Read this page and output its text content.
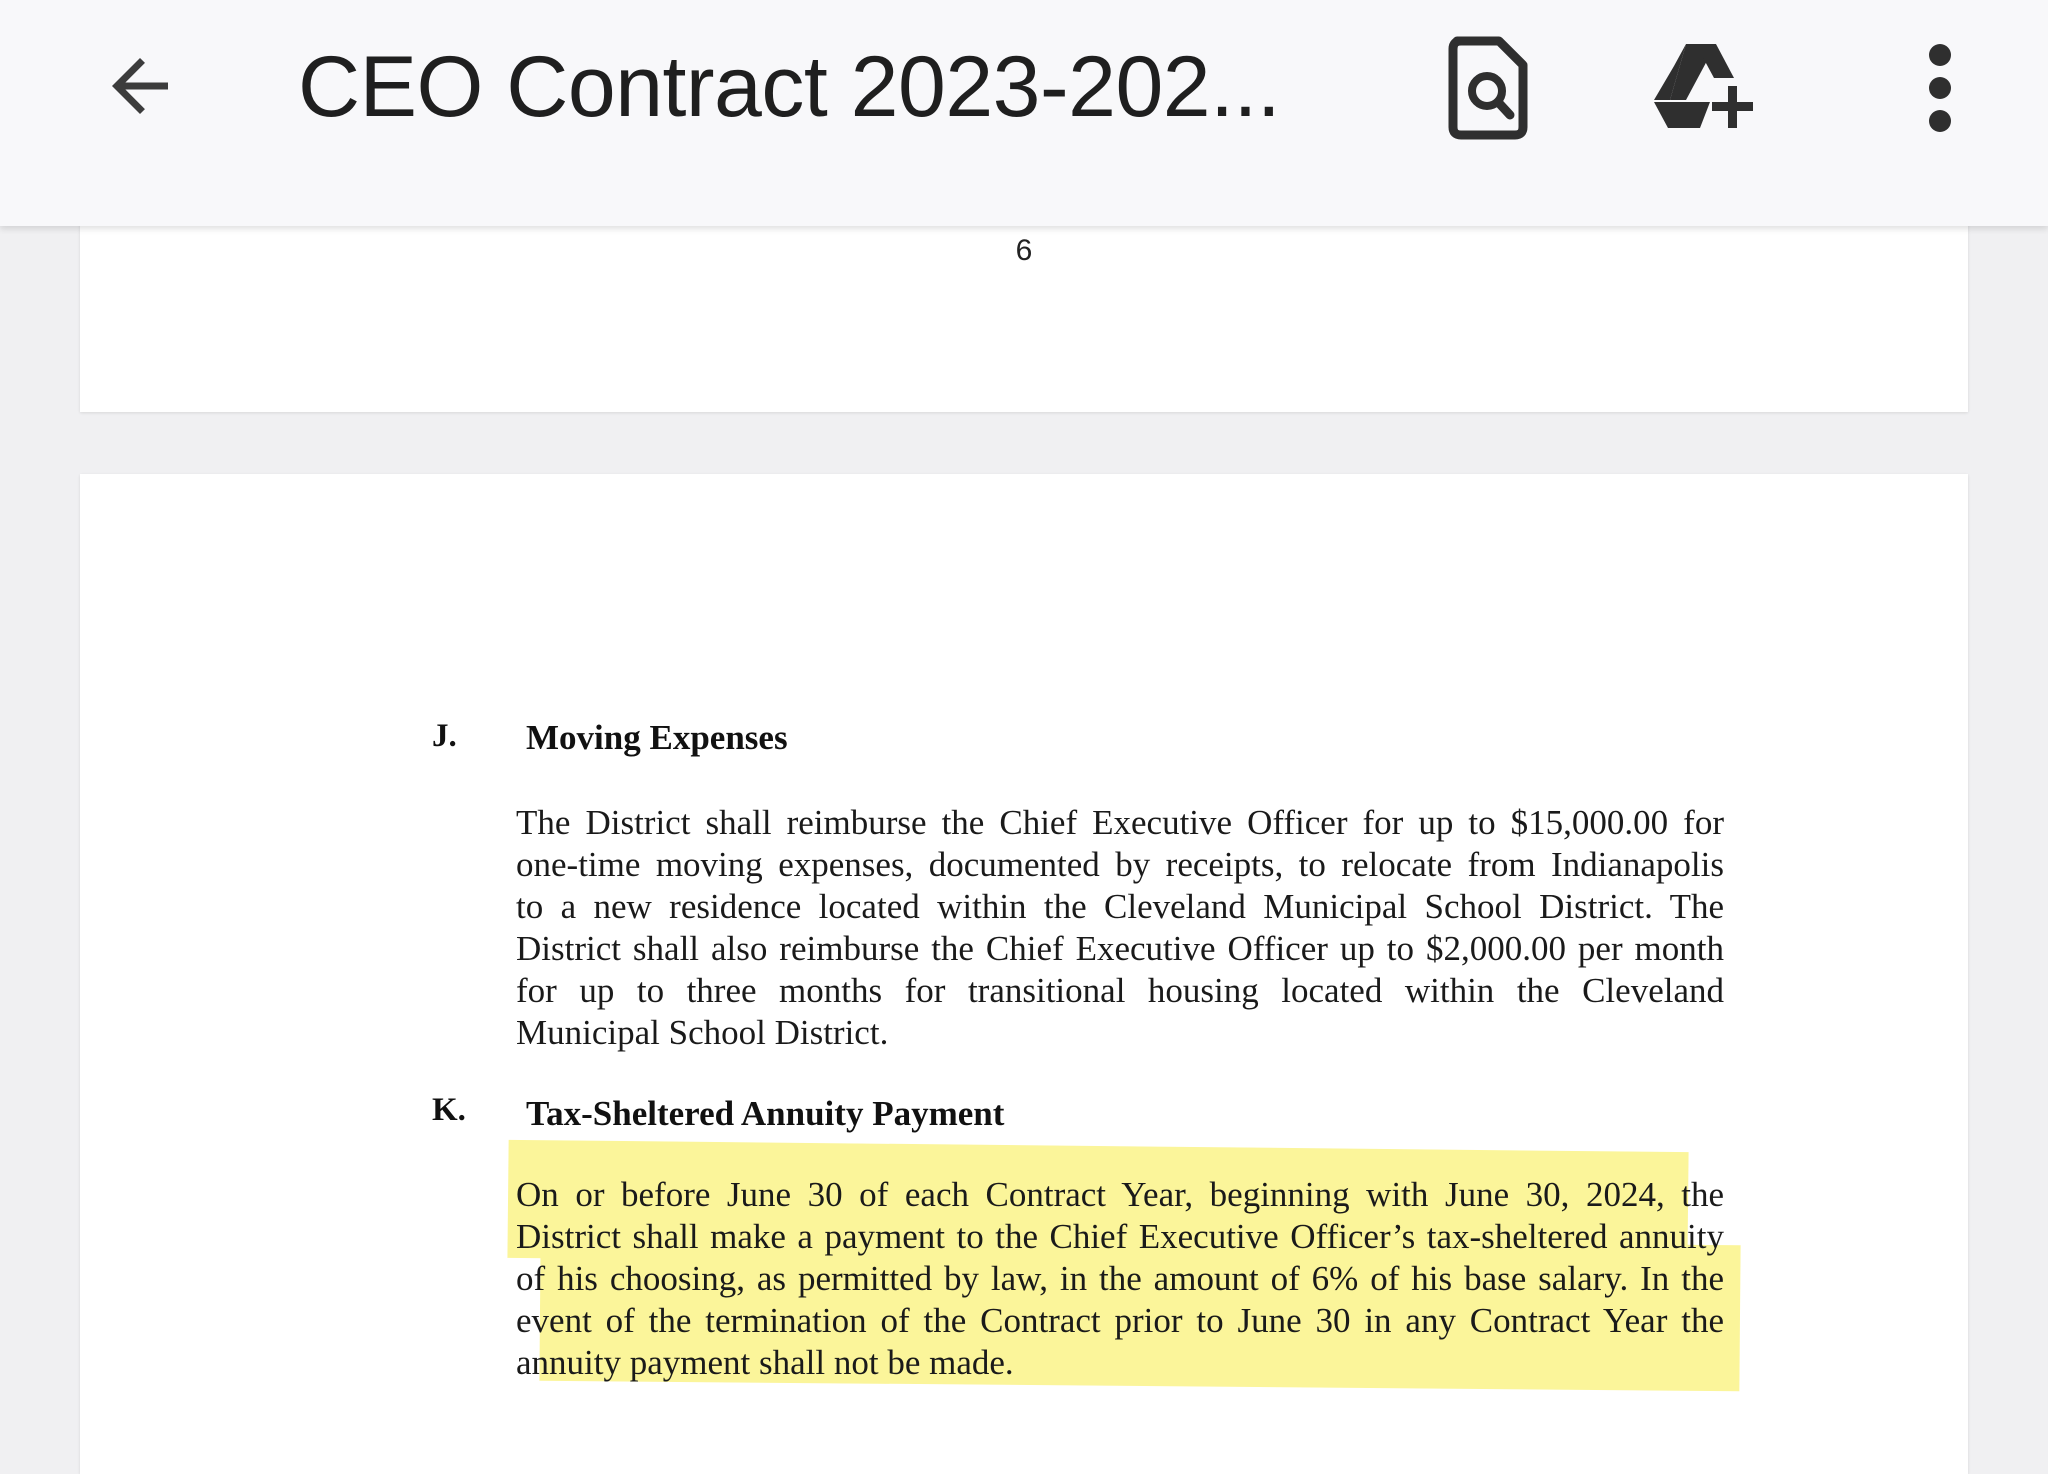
CEO Contract 2023-202...
6
J. Moving Expenses
The District shall reimburse the Chief Executive Officer for up to $15,000.00 for
one-time moving expenses, documented by receipts, to relocate from Indianapolis
to a new residence located within the Cleveland Municipal School District. The
District shall also reimburse the Chief Executive Officer up to $2,000.00 per month
for up to three months for transitional housing located within the Cleveland
Municipal School District.
K. Tax-Sheltered Annuity Payment
On or before June 30 of each Contract Year, beginning with June 30, 2024, the
District shall make a payment to the Chief Executive Officer’s tax-sheltered annuity
of his choosing, as permitted by law, in the amount of 6% of his base salary. In the
event of the termination of the Contract prior to June 30 in any Contract Year the
annuity payment shall not be made.
